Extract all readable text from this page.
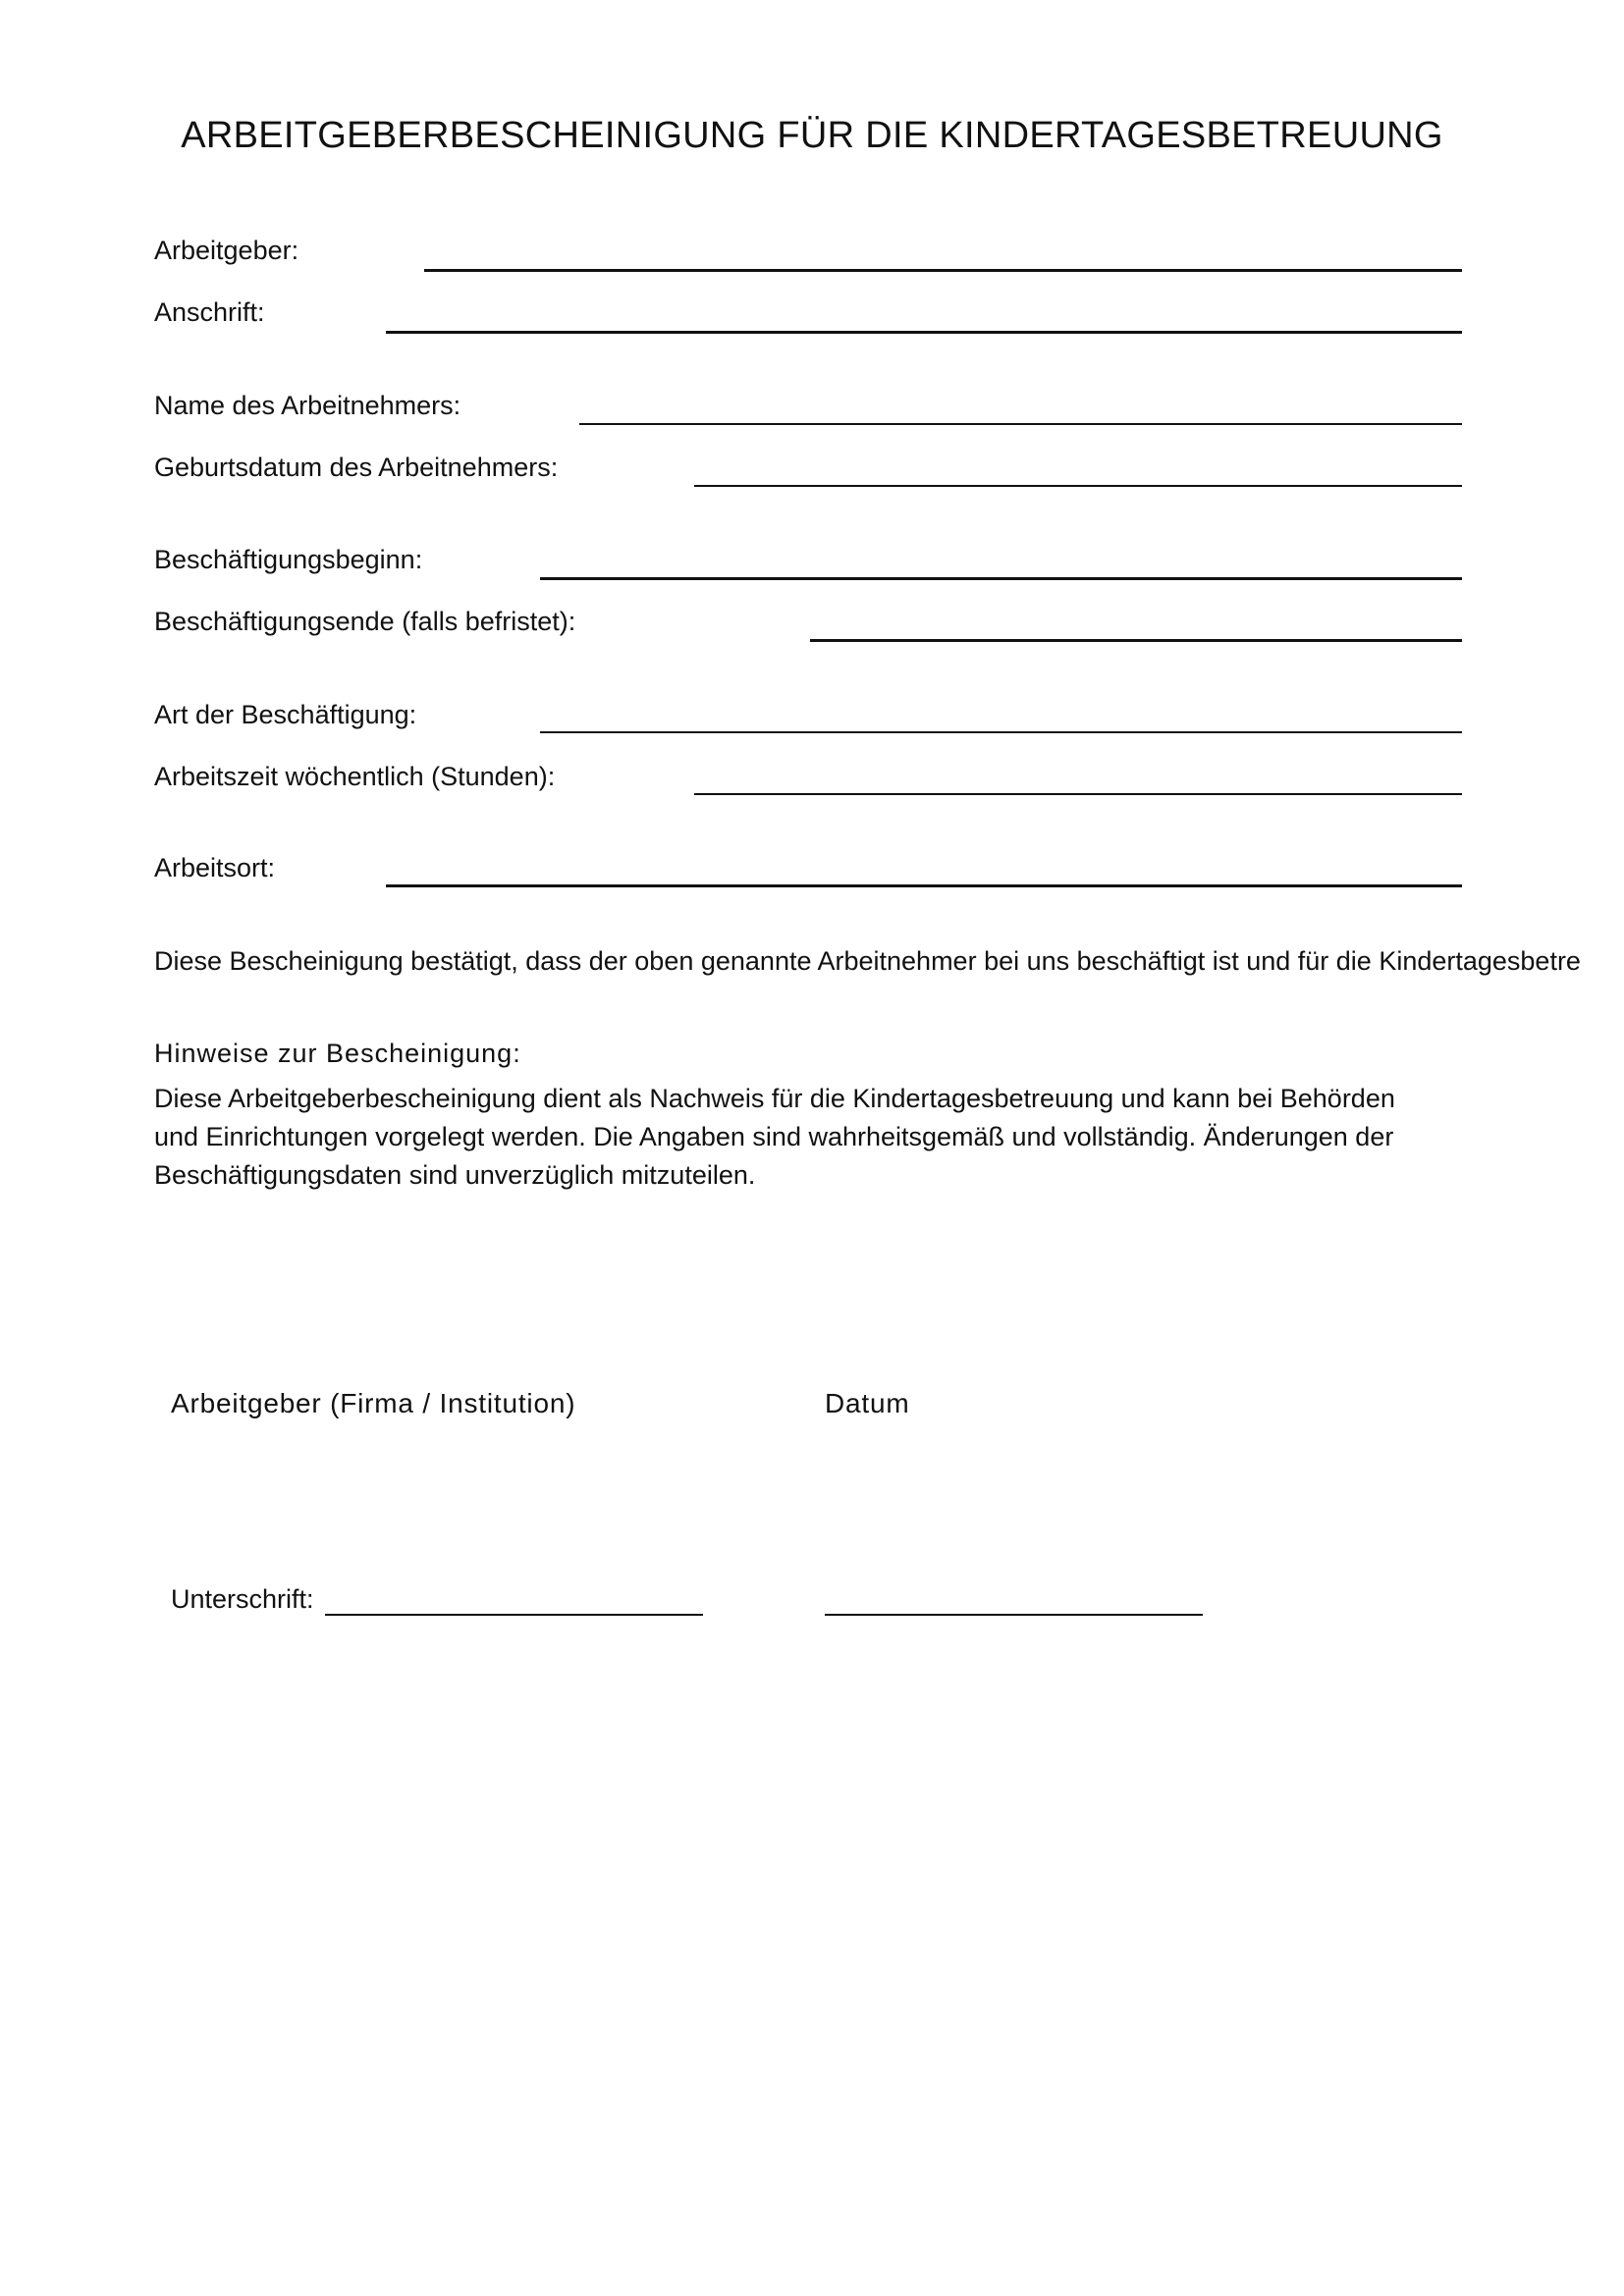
ARBEITGEBERBESCHEINIGUNG FÜR DIE KINDERTAGESBETREUUNG
Arbeitgeber:
Anschrift:
Name des Arbeitnehmers:
Geburtsdatum des Arbeitnehmers:
Beschäftigungsbeginn:
Beschäftigungsende (falls befristet):
Art der Beschäftigung:
Arbeitszeit wöchentlich (Stunden):
Arbeitsort:
Diese Bescheinigung bestätigt, dass der oben genannte Arbeitnehmer bei uns beschäftigt ist und für die Kindertagesbetre
Hinweise zur Bescheinigung:
Diese Arbeitgeberbescheinigung dient als Nachweis für die Kindertagesbetreuung und kann bei Behörden
und Einrichtungen vorgelegt werden. Die Angaben sind wahrheitsgemäß und vollständig. Änderungen der
Beschäftigungsdaten sind unverzüglich mitzuteilen.
Arbeitgeber (Firma / Institution)	Datum
Unterschrift:
